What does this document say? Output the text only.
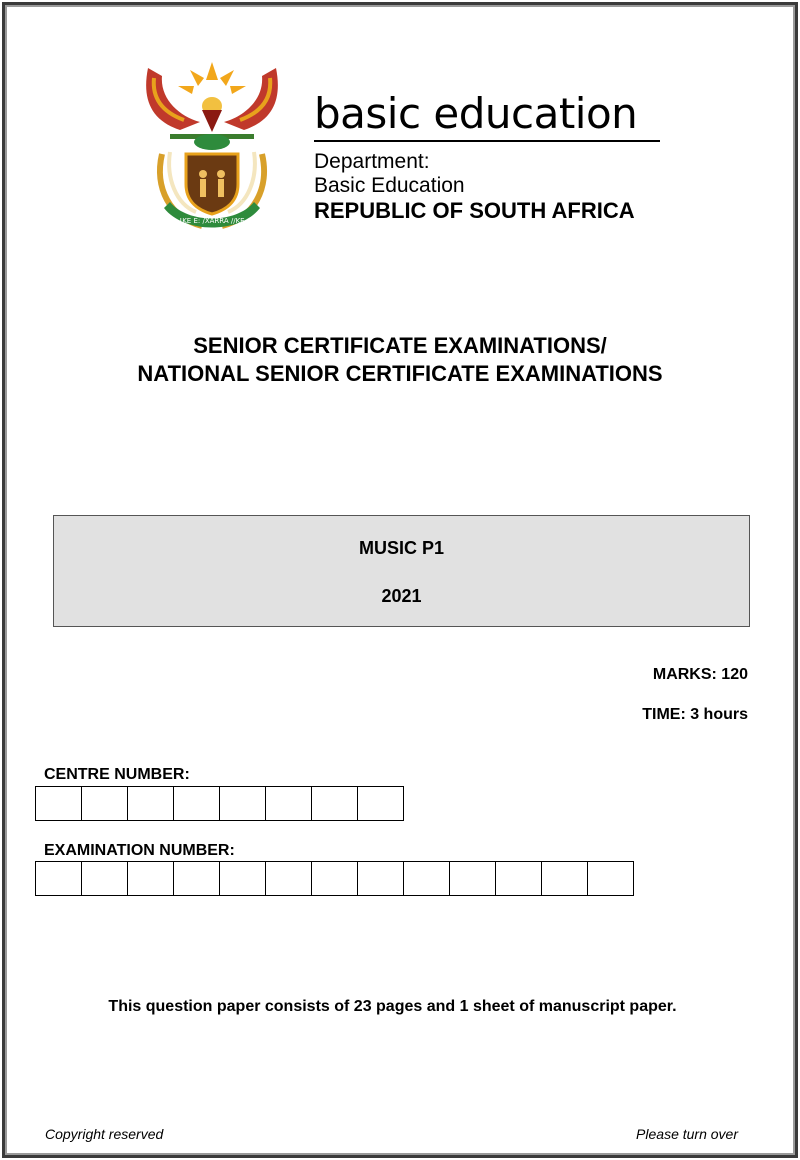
!KE E: /XARRA //KE
basic education
Department:
Basic Education
REPUBLIC OF SOUTH AFRICA
SENIOR CERTIFICATE EXAMINATIONS/
NATIONAL SENIOR CERTIFICATE EXAMINATIONS
MUSIC P1
2021
MARKS: 120
TIME: 3 hours
CENTRE NUMBER:
EXAMINATION NUMBER:
This question paper consists of 23 pages and 1 sheet of manuscript paper.
Copyright reserved	Please turn over
